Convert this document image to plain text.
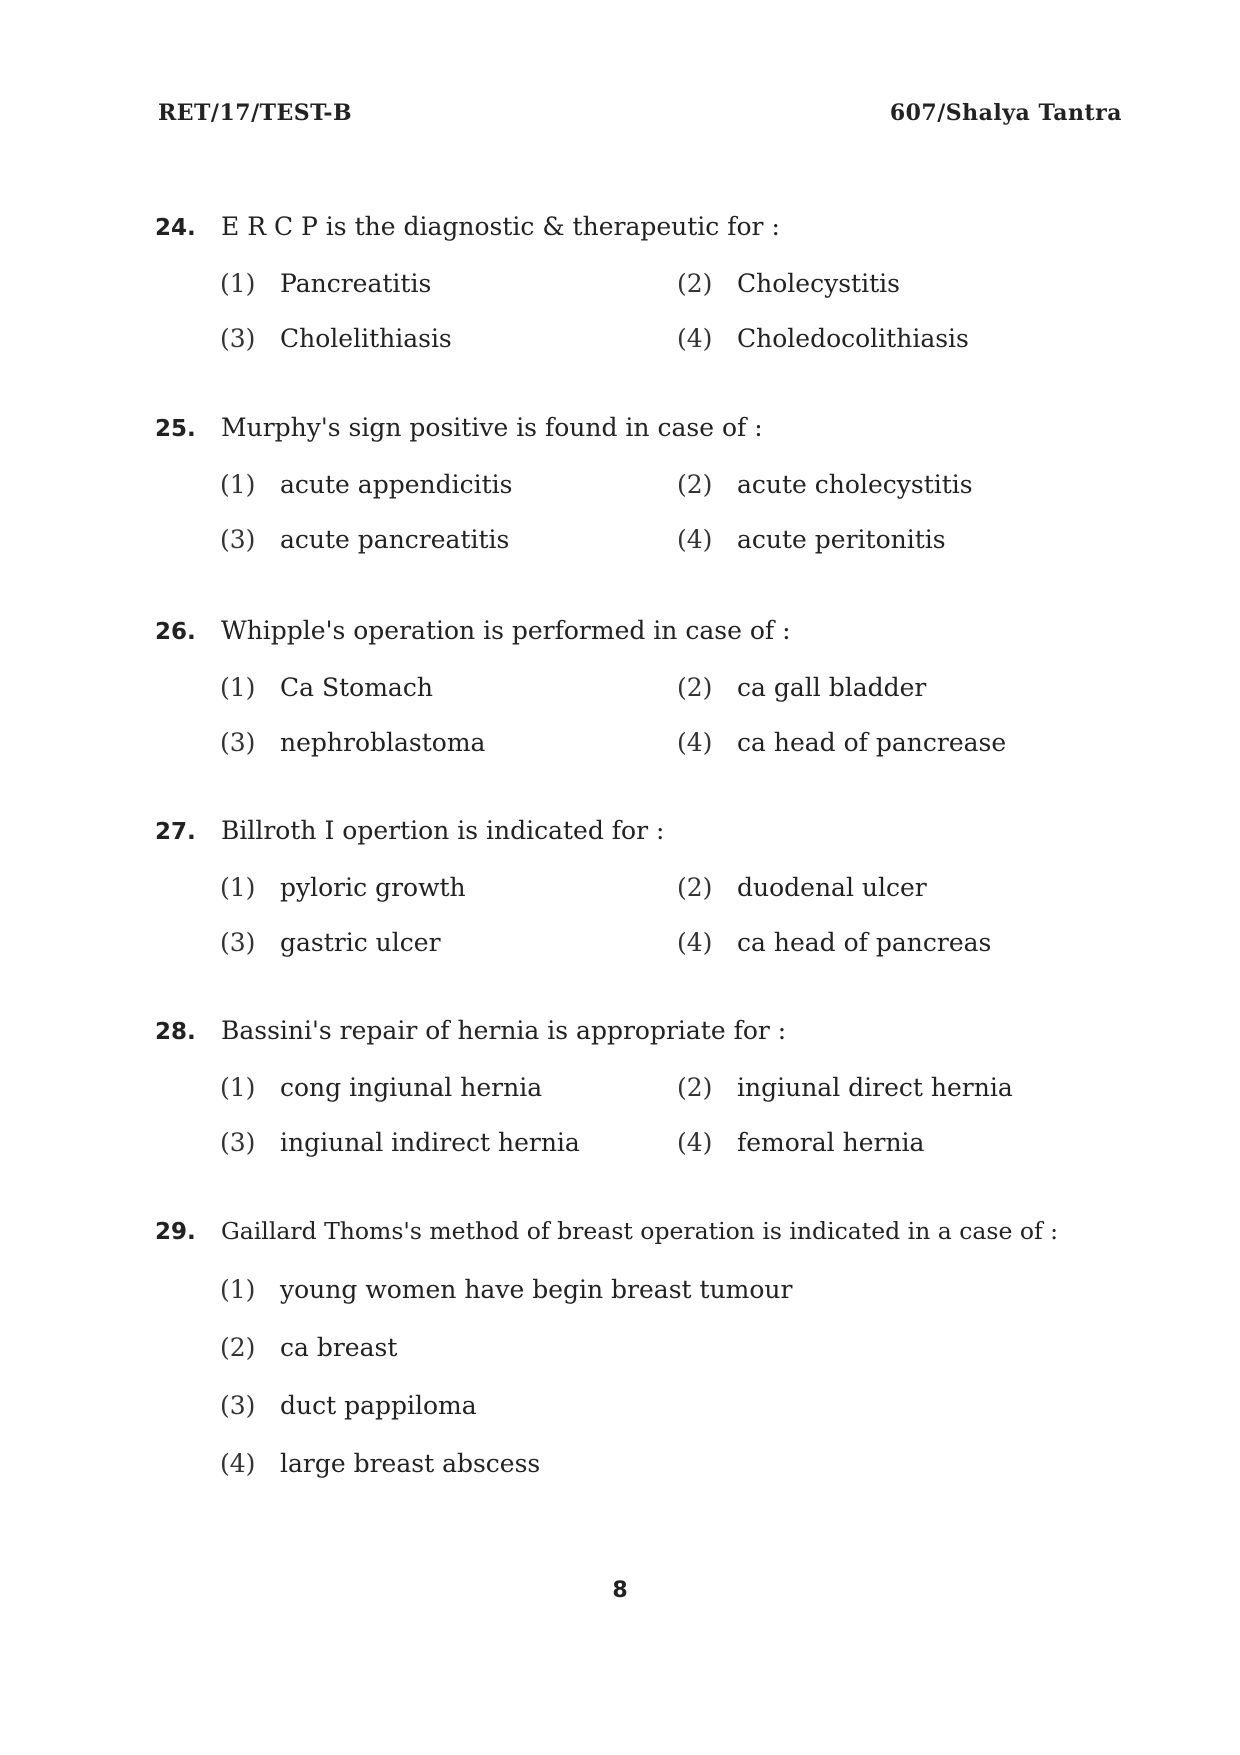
RET/17/TEST-B	607/Shalya Tantra
24. E R C P is the diagnostic & therapeutic for :
(1) Pancreatitis	(2) Cholecystitis
(3) Cholelithiasis	(4) Choledocolithiasis
25. Murphy's sign positive is found in case of :
(1) acute appendicitis	(2) acute cholecystitis
(3) acute pancreatitis	(4) acute peritonitis
26. Whipple's operation is performed in case of :
(1) Ca Stomach	(2) ca gall bladder
(3) nephroblastoma	(4) ca head of pancrease
27. Billroth I opertion is indicated for :
(1) pyloric growth	(2) duodenal ulcer
(3) gastric ulcer	(4) ca head of pancreas
28. Bassini's repair of hernia is appropriate for :
(1) cong ingiunal hernia	(2) ingiunal direct hernia
(3) ingiunal indirect hernia	(4) femoral hernia
29. Gaillard Thoms's method of breast operation is indicated in a case of :
(1) young women have begin breast tumour
(2) ca breast
(3) duct pappiloma
(4) large breast abscess
8
